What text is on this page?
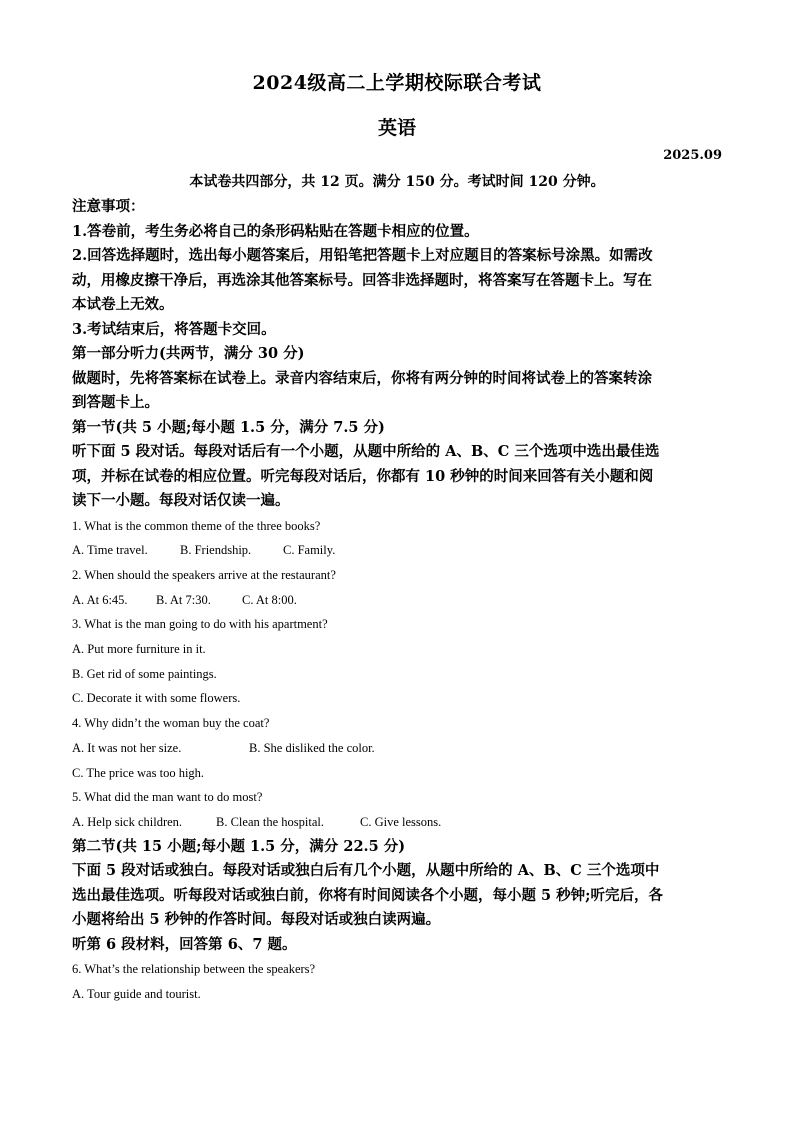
2024级高二上学期校际联合考试
英语
2025.09
本试卷共四部分，共 12 页。满分 150 分。考试时间 120 分钟。

注意事项：

1.答卷前，考生务必将自己的条形码粘贴在答题卡相应的位置。

2.回答选择题时，选出每小题答案后，用铅笔把答题卡上对应题目的答案标号涂黑。如需改

动，用橡皮擦干净后，再选涂其他答案标号。回答非选择题时，将答案写在答题卡上。写在

本试卷上无效。

3.考试结束后，将答题卡交回。

第一部分听力(共两节，满分 30 分)

做题时，先将答案标在试卷上。录音内容结束后，你将有两分钟的时间将试卷上的答案转涂

到答题卡上。

第一节(共 5 小题;每小题 1.5 分，满分 7.5 分)

听下面 5 段对话。每段对话后有一个小题，从题中所给的 A、B、C 三个选项中选出最佳选

项，并标在试卷的相应位置。听完每段对话后，你都有 10 秒钟的时间来回答有关小题和阅

读下一小题。每段对话仅读一遍。

1. What is the common theme of the three books?

A. Time travel.	B. Friendship.	C. Family.

2. When should the speakers arrive at the restaurant?

A. At 6:45. B. At 7:30. C. At 8:00.

3. What is the man going to do with his apartment?

A. Put more furniture in it.

B. Get rid of some paintings.

C. Decorate it with some flowers.

4. Why didn’t the woman buy the coat?

A. It was not her size.	B. She disliked the color.

C. The price was too high.

5. What did the man want to do most?

A. Help sick children.	B. Clean the hospital.	C. Give lessons.

第二节(共 15 小题;每小题 1.5 分，满分 22.5 分)

下面 5 段对话或独白。每段对话或独白后有几个小题，从题中所给的 A、B、C 三个选项中

选出最佳选项。听每段对话或独白前，你将有时间阅读各个小题，每小题 5 秒钟;听完后，各

小题将给出 5 秒钟的作答时间。每段对话或独白读两遍。

听第 6 段材料，回答第 6、7 题。

6. What’s the relationship between the speakers?

A. Tour guide and tourist.
